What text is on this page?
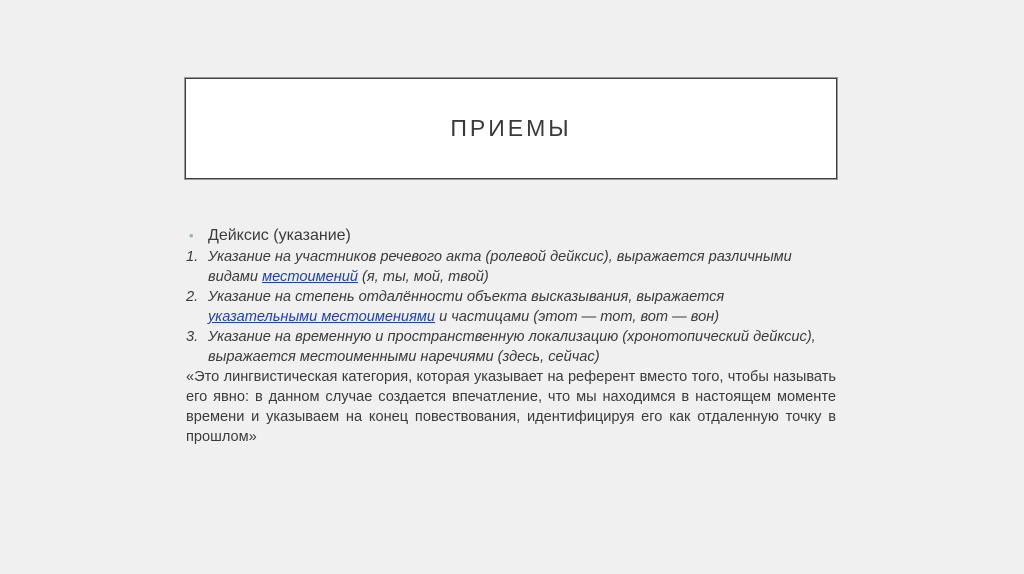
ПРИЕМЫ
• Дейксис (указание)
1. Указание на участников речевого акта (ролевой дейксис), выражается различными видами местоимений (я, ты, мой, твой)
2. Указание на степень отдалённости объекта высказывания, выражается указательными местоимениями и частицами (этот — тот, вот — вон)
3. Указание на временную и пространственную локализацию (хронотопический дейксис), выражается местоименными наречиями (здесь, сейчас)
«Это лингвистическая категория, которая указывает на референт вместо того, чтобы называть его явно: в данном случае создается впечатление, что мы находимся в настоящем моменте времени и указываем на конец повествования, идентифицируя его как отдаленную точку в прошлом»
